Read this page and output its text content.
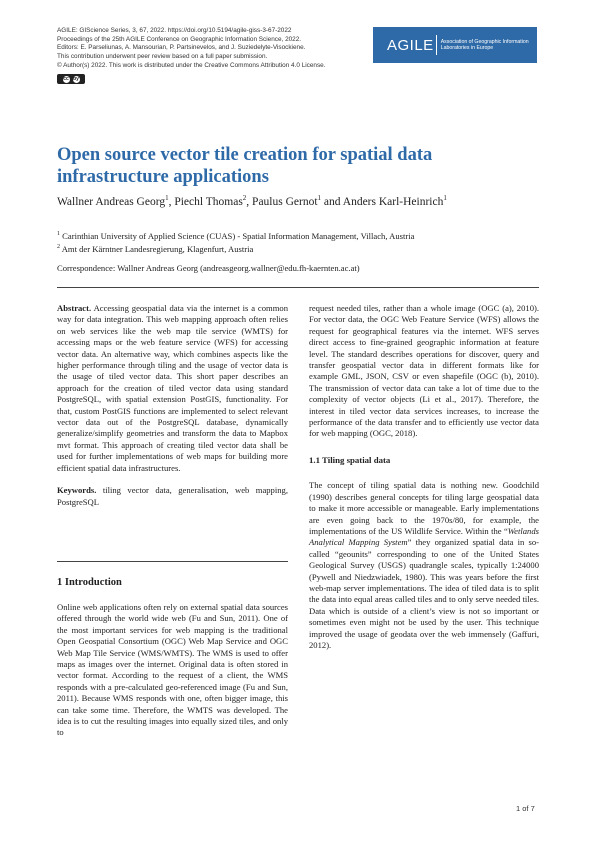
AGILE: GIScience Series, 3, 67, 2022. https://doi.org/10.5194/agile-giss-3-67-2022
Proceedings of the 25th AGILE Conference on Geographic Information Science, 2022.
Editors: E. Parseliunas, A. Mansourian, P. Partsinevelos, and J. Suziedelyte-Visockiene.
This contribution underwent peer review based on a full paper submission.
© Author(s) 2022. This work is distributed under the Creative Commons Attribution 4.0 License.
cc by
AGILE Association of Geographic Information
Laboratories in Europe
Open source vector tile creation for spatial data infrastructure applications
Wallner Andreas Georg$^1$, Piechl Thomas$^2$, Paulus Gernot$^1$ and Anders Karl-Heinrich$^1$
$^1$ Carinthian University of Applied Science (CUAS) - Spatial Information Management, Villach, Austria
$^2$ Amt der Kärntner Landesregierung, Klagenfurt, Austria
Correspondence: Wallner Andreas Georg (andreasgeorg.wallner@edu.fh-kaernten.ac.at)

Abstract. Accessing geospatial data via the internet is a common way for data integration. This web mapping approach often relies on web services like the web map tile service (WMTS) for accessing maps or the web feature service (WFS) for accessing vector data. An alternative way, which combines aspects like the higher performance through tiling and the usage of vector data is the usage of tiled vector data. This short paper describes an approach for the creation of tiled vector data using standard PostgreSQL, with spatial extension PostGIS, functionality. For that, custom PostGIS functions are implemented to select relevant vector data out of the PostgreSQL database, dynamically generalize/simplify geometries and transform the data to Mapbox mvt format. This approach of creating tiled vector data shall be used for further implementations of web maps for building more efficient spatial data infrastructures.

Keywords. tiling vector data, generalisation, web mapping, PostgreSQL

1 Introduction

Online web applications often rely on external spatial data sources offered through the world wide web (Fu and Sun, 2011). One of the most important services for web mapping is the traditional Open Geospatial Consortium (OGC) Web Map Service and OGC Web Map Tile Service (WMS/WMTS). The WMS is used to offer maps as images over the internet. Original data is often stored in vector format. According to the request of a client, the WMS responds with a pre-calculated geo-referenced image (Fu and Sun, 2011). Because WMS responds with one, often bigger image, this can take some time. Therefore, the WMTS was developed. The idea is to cut the resulting images into equally sized tiles, and only to

request needed tiles, rather than a whole image (OGC (a), 2010). For vector data, the OGC Web Feature Service (WFS) allows the request for geographical features via the internet. WFS serves direct access to fine-grained geographic information at feature level. The standard describes operations for discover, query and transfer geospatial vector data in different formats like for example GML, JSON, CSV or even shapefile (OGC (b), 2010). The transmission of vector data can take a lot of time due to the complexity of vector objects (Li et al., 2017). Therefore, the interest in tiled vector data services increases, to increase the performance of the data transfer and to efficiently use vector data for web mapping (OGC, 2018).

1.1 Tiling spatial data

The concept of tiling spatial data is nothing new. Goodchild (1990) describes general concepts for tiling large geospatial data to make it more accessible or manageable. Early implementations are even going back to the 1970s/80, for example, the implementations of the US Wildlife Service. Within the “Wetlands Analytical Mapping System” they organized spatial data in so-called “geounits” corresponding to one of the United States Geological Survey (USGS) quadrangle scales, typically 1:24000 (Pywell and Niedzwiadek, 1980). This was years before the first web-map server implementations. The idea of tiled data is to split the data into equal areas called tiles and to only serve needed tiles. Data which is outside of a client’s view is not so important or sometimes even might not be used by the user. This technique improved the usage of geodata over the web immensely (Gaffuri, 2012).

1 of 7
